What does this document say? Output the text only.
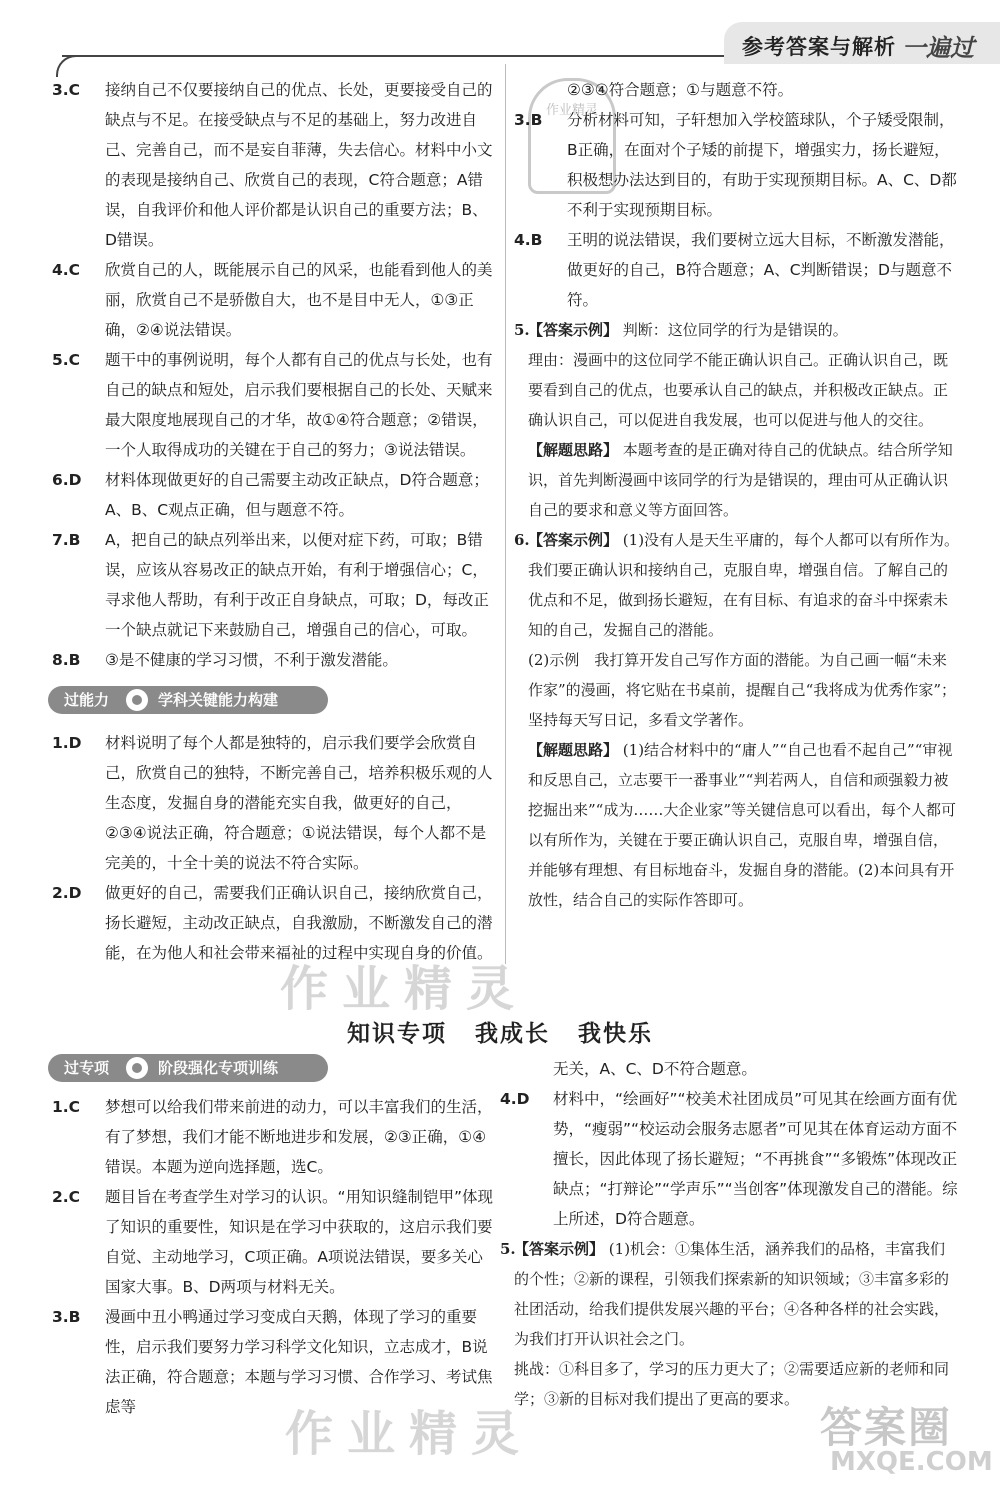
参考答案与解析 一遍过
作业精灵
3.C 接纳自己不仅要接纳自己的优点、长处，更要接受自己的缺点与不足。在接受缺点与不足的基础上，努力改进自己、完善自己，而不是妄自菲薄，失去信心。材料中小文的表现是接纳自己、欣赏自己的表现，C符合题意；A错误，自我评价和他人评价都是认识自己的重要方法；B、D错误。
4.C 欣赏自己的人，既能展示自己的风采，也能看到他人的美丽，欣赏自己不是骄傲自大，也不是目中无人，①③正确，②④说法错误。
5.C 题干中的事例说明，每个人都有自己的优点与长处，也有自己的缺点和短处，启示我们要根据自己的长处、天赋来最大限度地展现自己的才华，故①④符合题意；②错误，一个人取得成功的关键在于自己的努力；③说法错误。
6.D 材料体现做更好的自己需要主动改正缺点，D符合题意；A、B、C观点正确，但与题意不符。
7.B A，把自己的缺点列举出来，以便对症下药，可取；B错误，应该从容易改正的缺点开始，有利于增强信心；C，寻求他人帮助，有利于改正自身缺点，可取；D，每改正一个缺点就记下来鼓励自己，增强自己的信心，可取。
8.B ③是不健康的学习习惯，不利于激发潜能。
过能力	学科关键能力构建
1.D 材料说明了每个人都是独特的，启示我们要学会欣赏自己，欣赏自己的独特，不断完善自己，培养积极乐观的人生态度，发掘自身的潜能充实自我，做更好的自己，②③④说法正确，符合题意；①说法错误，每个人都不是完美的，十全十美的说法不符合实际。
2.D 做更好的自己，需要我们正确认识自己，接纳欣赏自己，扬长避短，主动改正缺点，自我激励，不断激发自己的潜能，在为他人和社会带来福祉的过程中实现自身的价值。
②③④符合题意；①与题意不符。
3.B 分析材料可知，子轩想加入学校篮球队，个子矮受限制，B正确，在面对个子矮的前提下，增强实力，扬长避短，积极想办法达到目的，有助于实现预期目标。A、C、D都不利于实现预期目标。
4.B 王明的说法错误，我们要树立远大目标，不断激发潜能，做更好的自己，B符合题意；A、C判断错误；D与题意不符。
5.
【答案示例】 判断：这位同学的行为是错误的。
理由：漫画中的这位同学不能正确认识自己。正确认识自己，既要看到自己的优点，也要承认自己的缺点，并积极改正缺点。正确认识自己，可以促进自我发展，也可以促进与他人的交往。
【解题思路】 本题考查的是正确对待自己的优缺点。结合所学知识，首先判断漫画中该同学的行为是错误的，理由可从正确认识自己的要求和意义等方面回答。
6.
【答案示例】 (1)没有人是天生平庸的，每个人都可以有所作为。我们要正确认识和接纳自己，克服自卑，增强自信。了解自己的优点和不足，做到扬长避短，在有目标、有追求的奋斗中探索未知的自己，发掘自己的潜能。
(2)示例　我打算开发自己写作方面的潜能。为自己画一幅“未来作家”的漫画，将它贴在书桌前，提醒自己“我将成为优秀作家”；坚持每天写日记，多看文学著作。
【解题思路】 (1)结合材料中的“庸人”“自己也看不起自己”“审视和反思自己，立志要干一番事业”“判若两人，自信和顽强毅力被挖掘出来”“成为……大企业家”等关键信息可以看出，每个人都可以有所作为，关键在于要正确认识自己，克服自卑，增强自信，并能够有理想、有目标地奋斗，发掘自身的潜能。(2)本问具有开放性，结合自己的实际作答即可。
作业精灵
知识专项 我成长 我快乐
过专项	阶段强化专项训练
1.C 梦想可以给我们带来前进的动力，可以丰富我们的生活，有了梦想，我们才能不断地进步和发展，②③正确，①④错误。本题为逆向选择题，选C。
2.C 题目旨在考查学生对学习的认识。“用知识缝制铠甲”体现了知识的重要性，知识是在学习中获取的，这启示我们要自觉、主动地学习，C项正确。A项说法错误，要多关心国家大事。B、D两项与材料无关。
3.B 漫画中丑小鸭通过学习变成白天鹅，体现了学习的重要性，启示我们要努力学习科学文化知识，立志成才，B说法正确，符合题意；本题与学习习惯、合作学习、考试焦虑等
无关，A、C、D不符合题意。
4.D 材料中，“绘画好”“校美术社团成员”可见其在绘画方面有优势，“瘦弱”“校运动会服务志愿者”可见其在体育运动方面不擅长，因此体现了扬长避短；“不再挑食”“多锻炼”体现改正缺点；“打辩论”“学声乐”“当创客”体现激发自己的潜能。综上所述，D符合题意。
5.
【答案示例】 (1)机会：①集体生活，涵养我们的品格，丰富我们的个性；②新的课程，引领我们探索新的知识领域；③丰富多彩的社团活动，给我们提供发展兴趣的平台；④各种各样的社会实践，为我们打开认识社会之门。
挑战：①科目多了，学习的压力更大了；②需要适应新的老师和同学；③新的目标对我们提出了更高的要求。
作业精灵	答案圈
MXQE.COM
